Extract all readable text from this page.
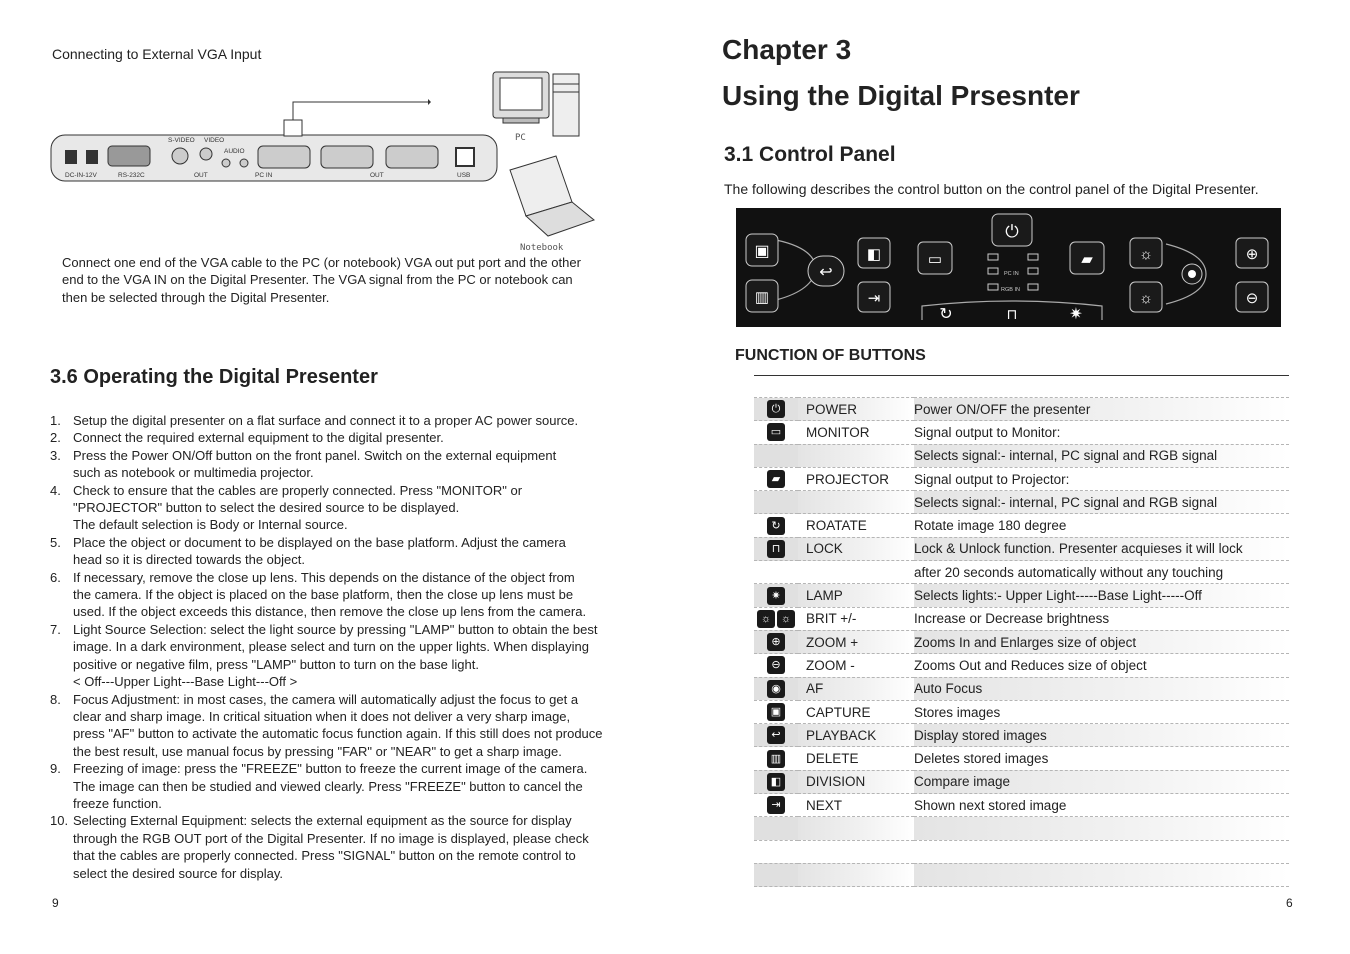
Connecting to External VGA Input
S-VIDEO VIDEO
AUDIO
DC-IN-12V	RS-232C	OUT	PC IN	OUT	USB
PC
Notebook
Connect one end of the VGA cable to the PC (or notebook) VGA out put port and the other end to the VGA IN on the Digital Presenter. The VGA signal from the PC or notebook can then be selected through the Digital Presenter.
3.6 Operating the Digital Presenter
1. Setup the digital presenter on a flat surface and connect it to a proper AC power source.
2. Connect the required external equipment to the digital presenter.
3. Press the Power ON/Off button on the front panel. Switch on the external equipment
such as notebook or multimedia projector.
4. Check to ensure that the cables are properly connected. Press "MONITOR" or
"PROJECTOR" button to select the desired source to be displayed.
The default selection is Body or Internal source.
5. Place the object or document to be displayed on the base platform. Adjust the camera
head so it is directed towards the object.
6. If necessary, remove the close up lens. This depends on the distance of the object from
the camera. If the object is placed on the base platform, then the close up lens must be
used. If the object exceeds this distance, then remove the close up lens from the camera.
7. Light Source Selection: select the light source by pressing "LAMP" button to obtain the best
image. In a dark environment, please select and turn on the upper lights. When displaying
positive or negative film, press "LAMP" button to turn on the base light.
< Off---Upper Light---Base Light---Off >
8. Focus Adjustment: in most cases, the camera will automatically adjust the focus to get a
clear and sharp image. In critical situation when it does not deliver a very sharp image,
press "AF" button to activate the automatic focus function again. If this still does not produce
the best result, use manual focus by pressing "FAR" or "NEAR" to get a sharp image.
9. Freezing of image: press the "FREEZE" button to freeze the current image of the camera.
The image can then be studied and viewed clearly. Press "FREEZE" button to cancel the
freeze function.
10. Selecting External Equipment: selects the external equipment as the source for display
through the RGB OUT port of the Digital Presenter. If no image is displayed, please check
that the cables are properly connected. Press "SIGNAL" button on the remote control to
select the desired source for display.
9
Chapter 3
Using the Digital Prsesnter
3.1 Control Panel
The following describes the control button on the control panel of the Digital Presenter.
▣
▥
↩
◧
⇥
▭
⏻
▰
PC IN
RGB IN
↻	⊓	✷
☼
☼
⊕
⊖
FUNCTION OF BUTTONS
⏻	POWER	Power ON/OFF the presenter
▭	MONITOR	Signal output to Monitor:
		Selects signal:- internal, PC signal and RGB signal
▰	PROJECTOR	Signal output to Projector:
		Selects signal:- internal, PC signal and RGB signal
↻	ROATATE	Rotate image 180 degree
⊓	LOCK	Lock & Unlock function. Presenter acquieses it will lock
		after 20 seconds automatically without any touching
✷	LAMP	Selects lights:- Upper Light-----Base Light-----Off
☼ ☼	BRIT +/-	Increase or Decrease brightness
⊕	ZOOM +	Zooms In and Enlarges size of object
⊖	ZOOM -	Zooms Out and Reduces size of object
◉	AF	Auto Focus
▣	CAPTURE	Stores images
↩	PLAYBACK	Display stored images
▥	DELETE	Deletes stored images
◧	DIVISION	Compare image
⇥	NEXT	Shown next stored image

6
